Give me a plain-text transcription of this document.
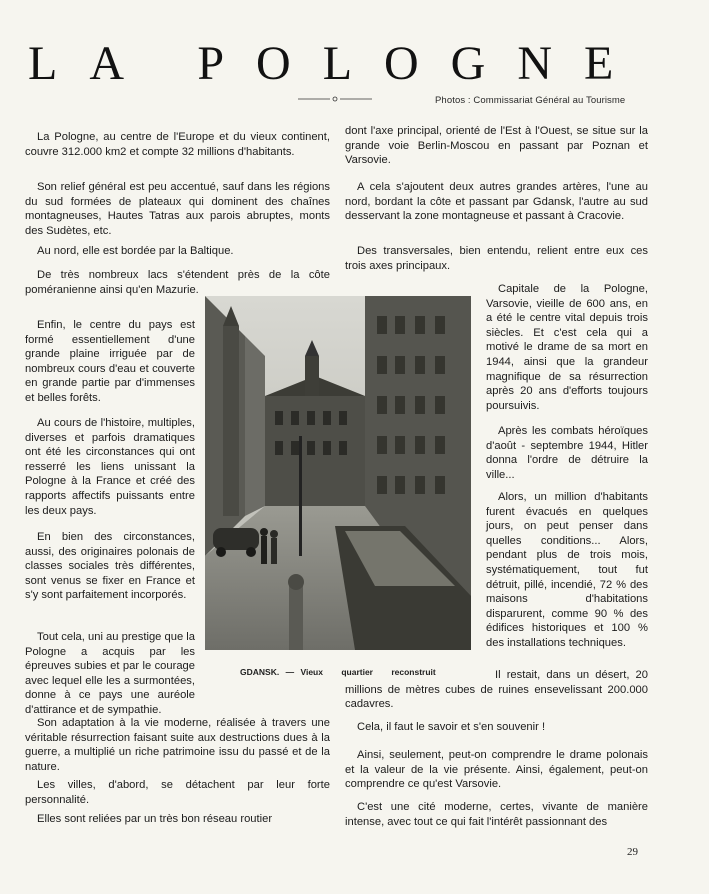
LA POLOGNE
Photos : Commissariat Général au Tourisme

La Pologne, au centre de l'Europe et du vieux continent, couvre 312.000 km2 et compte 32 millions d'habitants.

Son relief général est peu accentué, sauf dans les régions du sud formées de plateaux qui dominent des chaînes montagneuses, Hautes Tatras aux parois abruptes, monts des Sudètes, etc.

Au nord, elle est bordée par la Baltique.

De très nombreux lacs s'étendent près de la côte poméranienne ainsi qu'en Mazurie.

Enfin, le centre du pays est formé essentiellement d'une grande plaine irriguée par de nombreux cours d'eau et couverte en grande partie par d'immenses et belles forêts.

Au cours de l'histoire, multiples, diverses et parfois dramatiques ont été les circonstances qui ont resserré les liens unissant la Pologne à la France et créé des rapports affectifs puissants entre les deux pays.

En bien des circonstances, aussi, des originaires polonais de classes sociales très différentes, sont venus se fixer en France et s'y sont parfaitement incorporés.

Tout cela, uni au prestige que la Pologne a acquis par les épreuves subies et par le courage avec lequel elle les a surmontées, donne à ce pays une auréole d'attirance et de sympathie.

Son adaptation à la vie moderne, réalisée à travers une véritable résurrection faisant suite aux destructions dues à la guerre, a multiplié un riche patrimoine issu du passé et de la nature.

Les villes, d'abord, se détachent par leur forte personnalité.

Elles sont reliées par un très bon réseau routier

dont l'axe principal, orienté de l'Est à l'Ouest, se situe sur la grande voie Berlin-Moscou en passant par Poznan et Varsovie.

A cela s'ajoutent deux autres grandes artères, l'une au nord, bordant la côte et passant par Gdansk, l'autre au sud desservant la zone montagneuse et passant à Cracovie.

Des transversales, bien entendu, relient entre eux ces trois axes principaux.

Capitale de la Pologne, Varsovie, vieille de 600 ans, en a été le centre vital depuis trois siècles. Et c'est cela qui a motivé le drame de sa mort en 1944, ainsi que la grandeur magnifique de sa résurrection après 20 ans d'efforts toujours poursuivis.

Après les combats héroïques d'août - septembre 1944, Hitler donna l'ordre de détruire la ville...

Alors, un million d'habitants furent évacués en quelques jours, on peut penser dans quelles conditions... Alors, pendant plus de trois mois, systématiquement, tout fut détruit, pillé, incendié, 72 % des maisons d'habitations disparurent, comme 90 % des édifices historiques et 100 % des installations techniques.

Il restait, dans un désert, 20 millions de mètres cubes de ruines ensevelissant 200.000 cadavres.

Cela, il faut le savoir et s'en souvenir !

Ainsi, seulement, peut-on comprendre le drame polonais et la valeur de la vie présente. Ainsi, également, peut-on comprendre ce qu'est Varsovie.

C'est une cité moderne, certes, vivante de manière intense, avec tout ce qui fait l'intérêt passionnant des

GDANSK. — Vieux quartier reconstruit
29
